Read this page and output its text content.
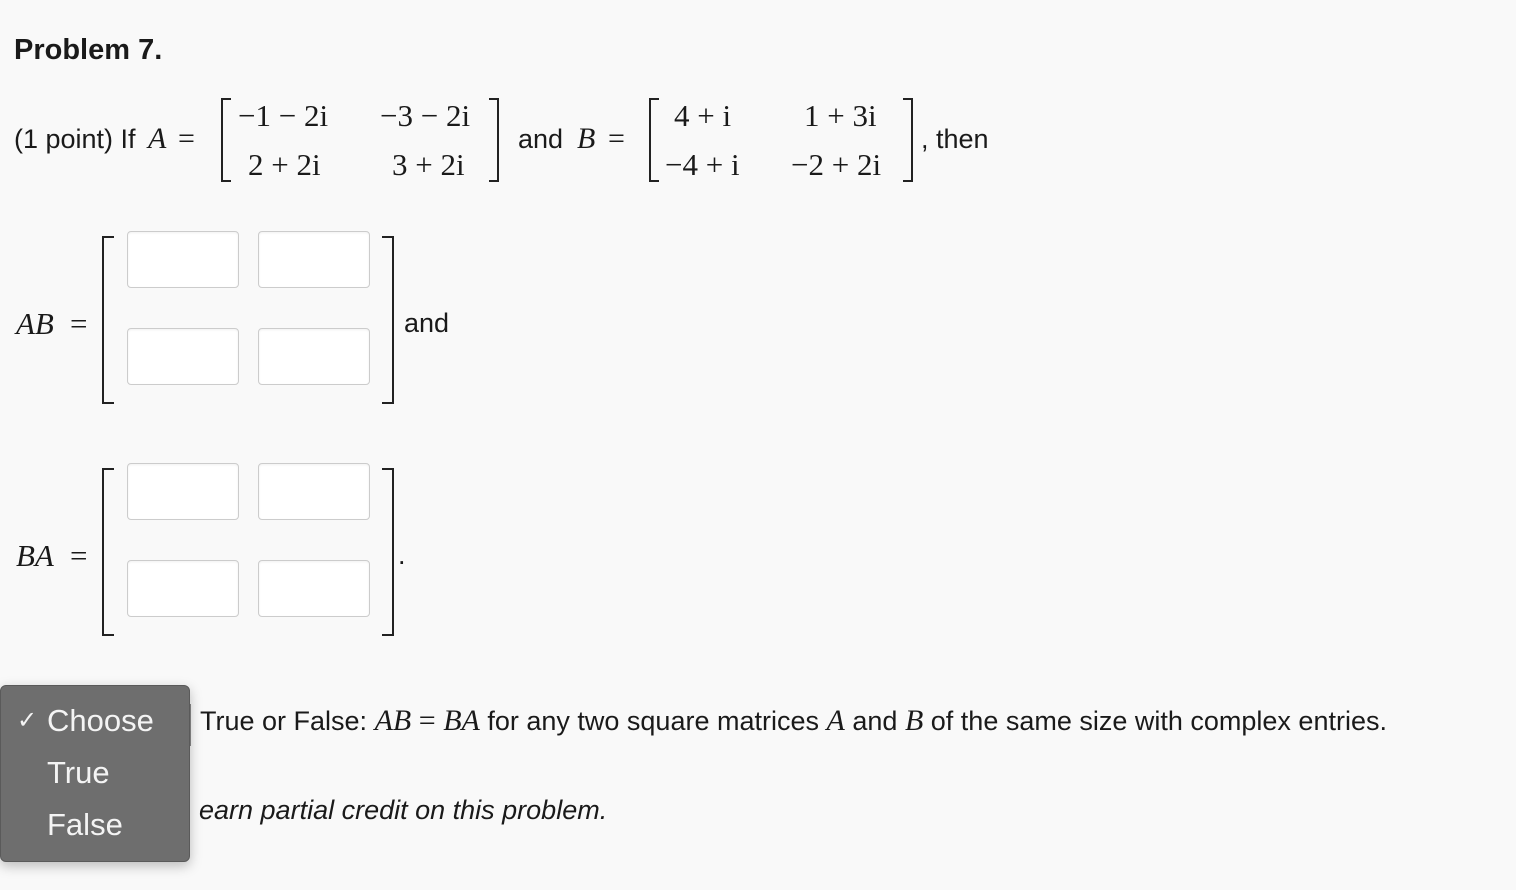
Problem 7.
(1 point) If A =
−1 − 2i −3 − 2i
2 + 2i 3 + 2i
and B =
4 + i 1 + 3i
−4 + i −2 + 2i
, then
AB =	and
BA =	.
True or False: AB = BA for any two square matrices A and B of the same size with complex entries.
earn partial credit on this problem.
✓ Choose
True
False
